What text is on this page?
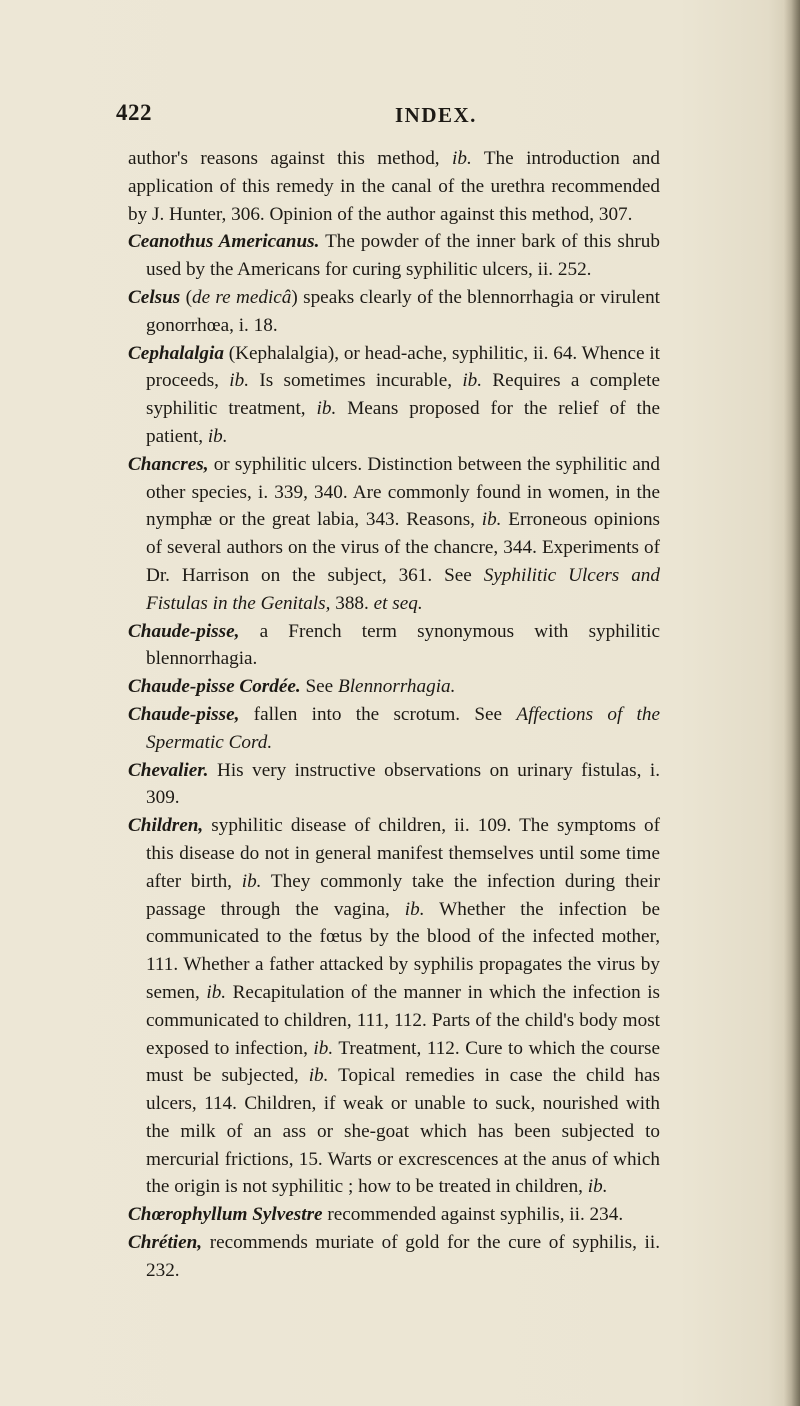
422	INDEX.

author's reasons against this method, ib. The introduction and application of this remedy in the canal of the urethra recommended by J. Hunter, 306. Opinion of the author against this method, 307.

Ceanothus Americanus. The powder of the inner bark of this shrub used by the Americans for curing syphilitic ulcers, ii. 252.

Celsus (de re medicâ) speaks clearly of the blennorrhagia or virulent gonorrhœa, i. 18.

Cephalalgia (Kephalalgia), or head-ache, syphilitic, ii. 64. Whence it proceeds, ib. Is sometimes incurable, ib. Requires a complete syphilitic treatment, ib. Means proposed for the relief of the patient, ib.

Chancres, or syphilitic ulcers. Distinction between the syphilitic and other species, i. 339, 340. Are commonly found in women, in the nymphæ or the great labia, 343. Reasons, ib. Erroneous opinions of several authors on the virus of the chancre, 344. Experiments of Dr. Harrison on the subject, 361. See Syphilitic Ulcers and Fistulas in the Genitals, 388. et seq.

Chaude-pisse, a French term synonymous with syphilitic blennorrhagia.

Chaude-pisse Cordée. See Blennorrhagia.

Chaude-pisse, fallen into the scrotum. See Affections of the Spermatic Cord.

Chevalier. His very instructive observations on urinary fistulas, i. 309.

Children, syphilitic disease of children, ii. 109. The symptoms of this disease do not in general manifest themselves until some time after birth, ib. They commonly take the infection during their passage through the vagina, ib. Whether the infection be communicated to the fœtus by the blood of the infected mother, 111. Whether a father attacked by syphilis propagates the virus by semen, ib. Recapitulation of the manner in which the infection is communicated to children, 111, 112. Parts of the child's body most exposed to infection, ib. Treatment, 112. Cure to which the course must be subjected, ib. Topical remedies in case the child has ulcers, 114. Children, if weak or unable to suck, nourished with the milk of an ass or she-goat which has been subjected to mercurial frictions, 15. Warts or excrescences at the anus of which the origin is not syphilitic ; how to be treated in children, ib.

Chœrophyllum Sylvestre recommended against syphilis, ii. 234.

Chrétien, recommends muriate of gold for the cure of syphilis, ii. 232.
